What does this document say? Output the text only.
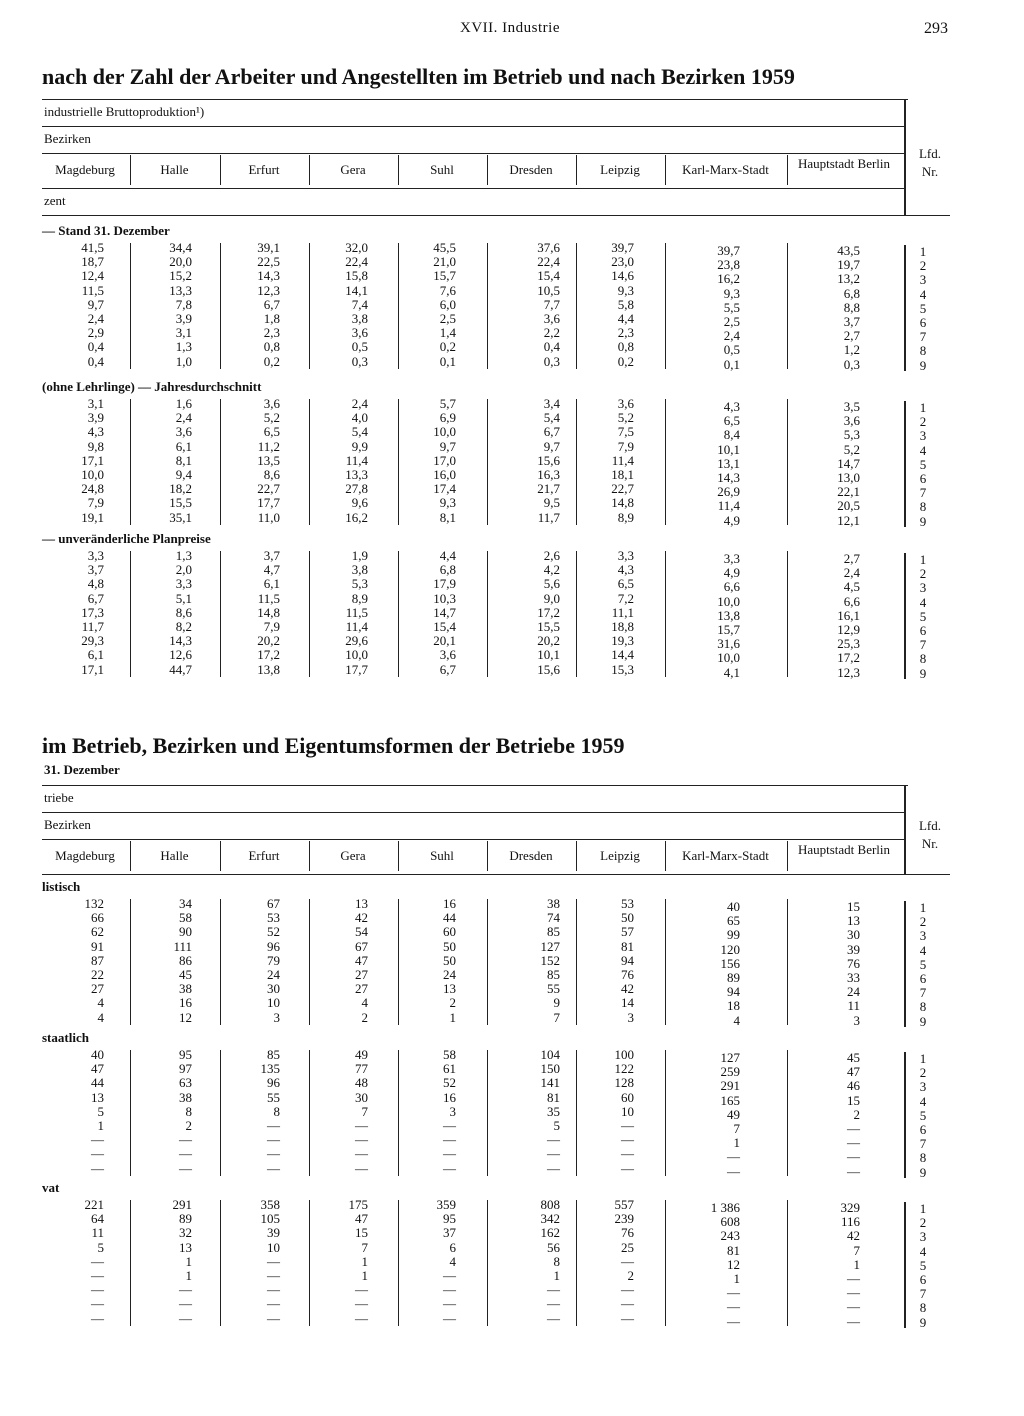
XVII. Industrie	293
nach der Zahl der Arbeiter und Angestellten im Betrieb und nach Bezirken 1959
industrielle Bruttoproduktion¹)
Bezirken
zent
Lfd.
Nr.
Magdeburg	Halle	Erfurt	Gera	Suhl	Dresden	Leipzig	Karl-Marx-Stadt	Hauptstadt Berlin
— Stand 31. Dezember
41,5	34,4	39,1	32,0	45,5	37,6	39,7	39,7	43,5	1
18,7	20,0	22,5	22,4	21,0	22,4	23,0	23,8	19,7	2
12,4	15,2	14,3	15,8	15,7	15,4	14,6	16,2	13,2	3
11,5	13,3	12,3	14,1	7,6	10,5	9,3	9,3	6,8	4
9,7	7,8	6,7	7,4	6,0	7,7	5,8	5,5	8,8	5
2,4	3,9	1,8	3,8	2,5	3,6	4,4	2,5	3,7	6
2,9	3,1	2,3	3,6	1,4	2,2	2,3	2,4	2,7	7
0,4	1,3	0,8	0,5	0,2	0,4	0,8	0,5	1,2	8
0,4	1,0	0,2	0,3	0,1	0,3	0,2	0,1	0,3	9
(ohne Lehrlinge) — Jahresdurchschnitt
3,1	1,6	3,6	2,4	5,7	3,4	3,6	4,3	3,5	1
3,9	2,4	5,2	4,0	6,9	5,4	5,2	6,5	3,6	2
4,3	3,6	6,5	5,4	10,0	6,7	7,5	8,4	5,3	3
9,8	6,1	11,2	9,9	9,7	9,7	7,9	10,1	5,2	4
17,1	8,1	13,5	11,4	17,0	15,6	11,4	13,1	14,7	5
10,0	9,4	8,6	13,3	16,0	16,3	18,1	14,3	13,0	6
24,8	18,2	22,7	27,8	17,4	21,7	22,7	26,9	22,1	7
7,9	15,5	17,7	9,6	9,3	9,5	14,8	11,4	20,5	8
19,1	35,1	11,0	16,2	8,1	11,7	8,9	4,9	12,1	9
— unveränderliche Planpreise
3,3	1,3	3,7	1,9	4,4	2,6	3,3	3,3	2,7	1
3,7	2,0	4,7	3,8	6,8	4,2	4,3	4,9	2,4	2
4,8	3,3	6,1	5,3	17,9	5,6	6,5	6,6	4,5	3
6,7	5,1	11,5	8,9	10,3	9,0	7,2	10,0	6,6	4
17,3	8,6	14,8	11,5	14,7	17,2	11,1	13,8	16,1	5
11,7	8,2	7,9	11,4	15,4	15,5	18,8	15,7	12,9	6
29,3	14,3	20,2	29,6	20,1	20,2	19,3	31,6	25,3	7
6,1	12,6	17,2	10,0	3,6	10,1	14,4	10,0	17,2	8
17,1	44,7	13,8	17,7	6,7	15,6	15,3	4,1	12,3	9
im Betrieb, Bezirken und Eigentumsformen der Betriebe 1959
31. Dezember
triebe
Bezirken	Lfd.
Nr.
Magdeburg	Halle	Erfurt	Gera	Suhl	Dresden	Leipzig	Karl-Marx-Stadt	Hauptstadt Berlin
listisch
132	34	67	13	16	38	53	40	15	1
66	58	53	42	44	74	50	65	13	2
62	90	52	54	60	85	57	99	30	3
91	111	96	67	50	127	81	120	39	4
87	86	79	47	50	152	94	156	76	5
22	45	24	27	24	85	76	89	33	6
27	38	30	27	13	55	42	94	24	7
4	16	10	4	2	9	14	18	11	8
4	12	3	2	1	7	3	4	3	9
staatlich
40	95	85	49	58	104	100	127	45	1
47	97	135	77	61	150	122	259	47	2
44	63	96	48	52	141	128	291	46	3
13	38	55	30	16	81	60	165	15	4
5	8	8	7	3	35	10	49	2	5
1	2	—	—	—	5	—	7	—	6
—	—	—	—	—	—	—	1	—	7
—	—	—	—	—	—	—	—	—	8
—	—	—	—	—	—	—	—	—	9
vat
221	291	358	175	359	808	557	1 386	329	1
64	89	105	47	95	342	239	608	116	2
11	32	39	15	37	162	76	243	42	3
5	13	10	7	6	56	25	81	7	4
—	1	—	1	4	8	—	12	1	5
—	1	—	1	—	1	2	1	—	6
—	—	—	—	—	—	—	—	—	7
—	—	—	—	—	—	—	—	—	8
—	—	—	—	—	—	—	—	—	9
